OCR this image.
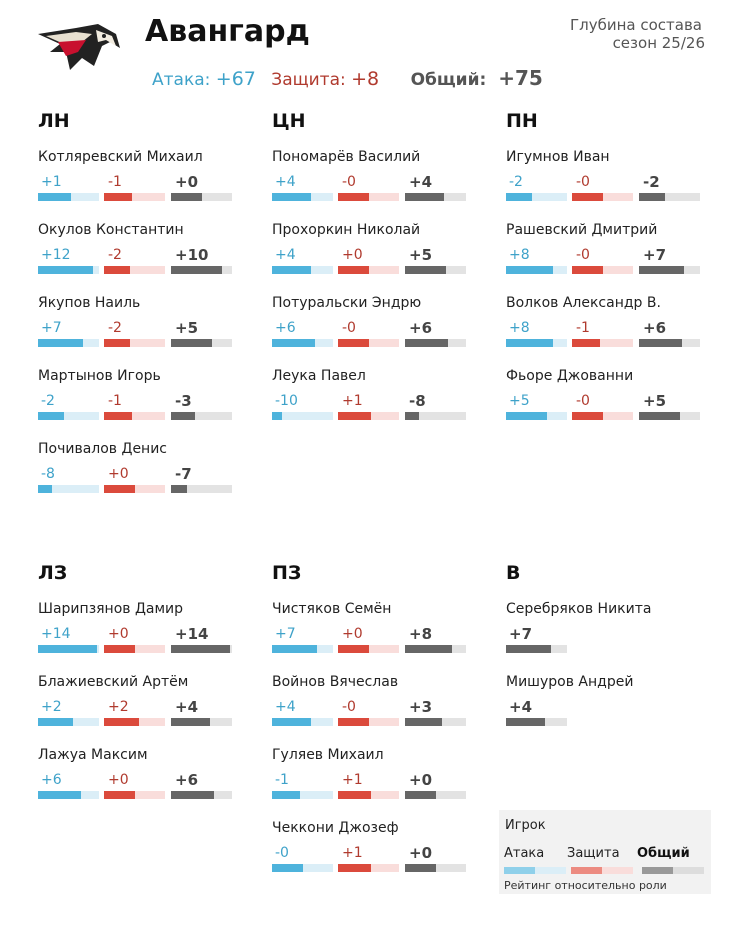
Авангард	Глубина состава
сезон 25/26
Атака: +67 Защита: +8 Общий: +75
ЛН
Котляревский Михаил
+1	-1	+0
Окулов Константин
+12	-2	+10
Якупов Наиль
+7	-2	+5
Мартынов Игорь
-2	-1	-3
Почивалов Денис
-8	+0	-7
ЦН
Пономарёв Василий
+4	-0	+4
Прохоркин Николай
+4	+0	+5
Потуральски Эндрю
+6	-0	+6
Леука Павел
-10	+1	-8
ПН
Игумнов Иван
-2	-0	-2
Рашевский Дмитрий
+8	-0	+7
Волков Александр В.
+8	-1	+6
Фьоре Джованни
+5	-0	+5
ЛЗ
Шарипзянов Дамир
+14	+0	+14
Блажиевский Артём
+2	+2	+4
Лажуа Максим
+6	+0	+6
ПЗ
Чистяков Семён
+7	+0	+8
Войнов Вячеслав
+4	-0	+3
Гуляев Михаил
-1	+1	+0
Чеккони Джозеф
-0	+1	+0
В
Серебряков Никита
+7
Мишуров Андрей
+4
Игрок
Атака Защита Общий
Рейтинг относительно роли
